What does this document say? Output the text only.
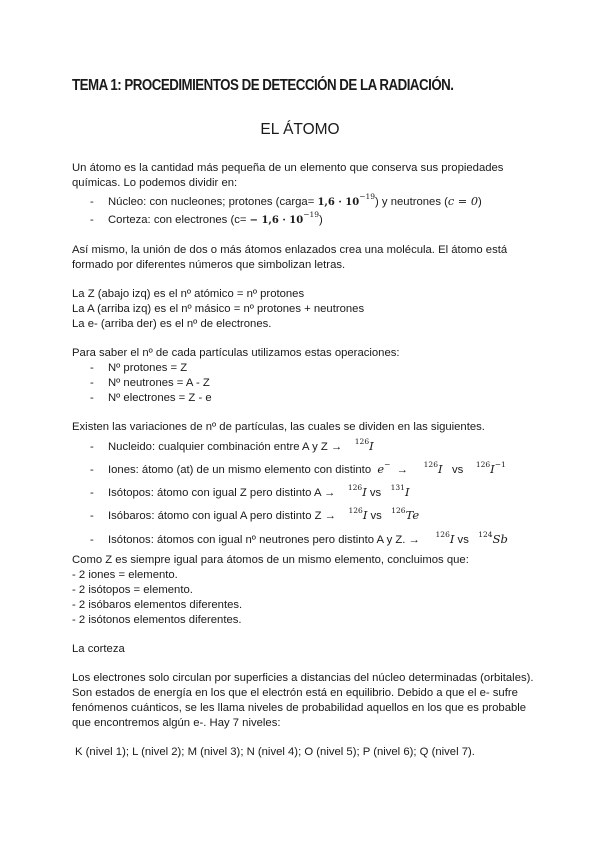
TEMA 1: PROCEDIMIENTOS DE DETECCIÓN DE LA RADIACIÓN.
EL ÁTOMO
Un átomo es la cantidad más pequeña de un elemento que conserva sus propiedades
químicas. Lo podemos dividir en:
- Núcleo: con nucleones; protones (carga= $1,6 \cdot 10^{-19}$) y neutrones (c = 0)
- Corteza: con electrones $(c= - 1,6 \cdot 10^{-19})$
Así mismo, la unión de dos o más átomos enlazados crea una molécula. El átomo está
formado por diferentes números que simbolizan letras.
La Z (abajo izq) es el nº atómico = nº protones
La A (arriba izq) es el nº másico = nº protones + neutrones
La e- (arriba der) es el nº de electrones.
Para saber el nº de cada partículas utilizamos estas operaciones:
- Nº protones = Z
- Nº neutrones = A - Z
- Nº electrones = Z - e
Existen las variaciones de nº de partículas, las cuales se dividen en las siguientes.
- Nucleido: cualquier combinación entre A y Z → $^{126}$I
- Iones: átomo (at) de un mismo elemento con distinto e−  →     $^{126}$I vs $^{126}I^{-1}$
- Isótopos: átomo con igual Z pero distinto A → $^{126}$I vs $^{131}$I
- Isóbaros: átomo con igual A pero distinto Z → $^{126}$I vs $^{126}$Te
- Isótonos: átomos con igual nº neutrones pero distinto A y Z. → $^{126}$I vs $^{124}$Sb
Como Z es siempre igual para átomos de un mismo elemento, concluimos que:
- 2 iones = elemento.
- 2 isótopos = elemento.
- 2 isóbaros elementos diferentes.
- 2 isótonos elementos diferentes.
La corteza
Los electrones solo circulan por superficies a distancias del núcleo determinadas (orbitales).
Son estados de energía en los que el electrón está en equilibrio. Debido a que el e- sufre
fenómenos cuánticos, se les llama niveles de probabilidad aquellos en los que es probable
que encontremos algún e-. Hay 7 niveles:
K (nivel 1); L (nivel 2); M (nivel 3); N (nivel 4); O (nivel 5); P (nivel 6); Q (nivel 7).
